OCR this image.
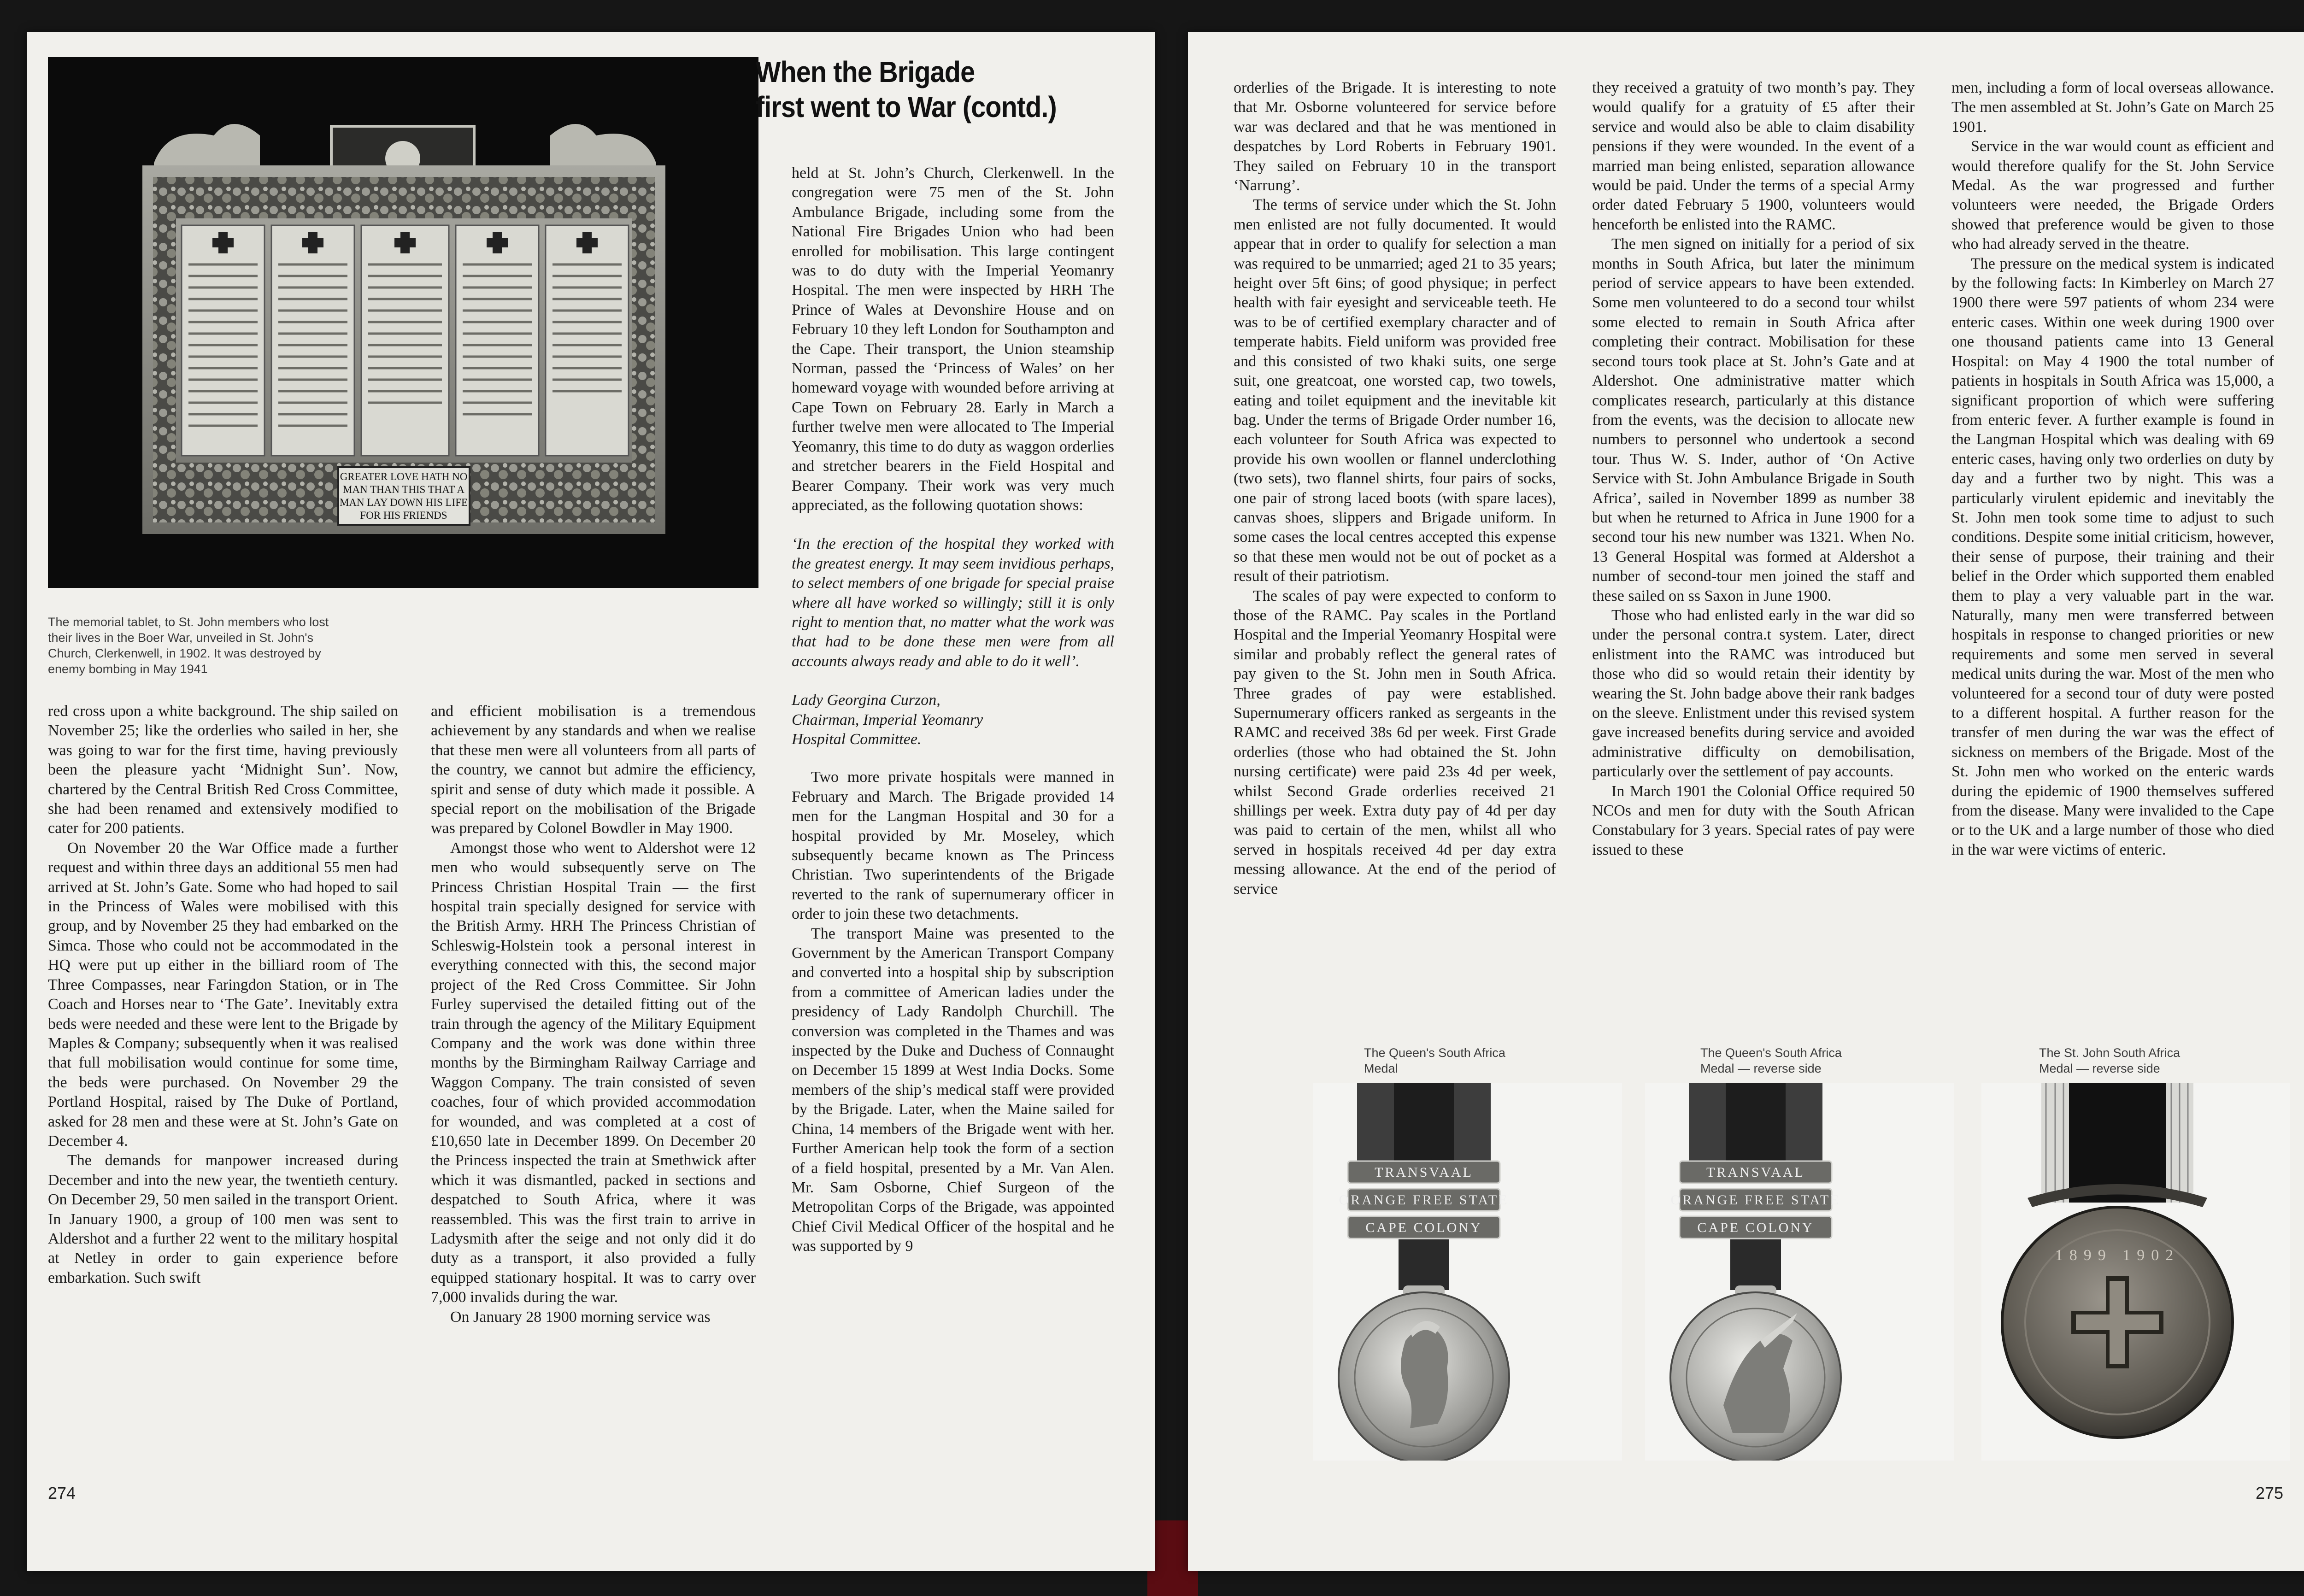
GREATER LOVE HATH NO
MAN THAN THIS THAT A
MAN LAY DOWN HIS LIFE
FOR HIS FRIENDS
The memorial tablet, to St. John members who lost
their lives in the Boer War, unveiled in St. John's
Church, Clerkenwell, in 1902. It was destroyed by
enemy bombing in May 1941
When the Brigade
first went to War (contd.)

red cross upon a white background. The ship sailed on November 25; like the orderlies who sailed in her, she was going to war for the first time, having previously been the pleasure yacht ‘Midnight Sun’. Now, chartered by the Central British Red Cross Committee, she had been renamed and extensively modified to cater for 200 patients.

On November 20 the War Office made a further request and within three days an additional 55 men had arrived at St. John’s Gate. Some who had hoped to sail in the Princess of Wales were mobilised with this group, and by November 25 they had embarked on the Simca. Those who could not be accommodated in the HQ were put up either in the billiard room of The Three Compasses, near Faringdon Station, or in The Coach and Horses near to ‘The Gate’. Inevitably extra beds were needed and these were lent to the Brigade by Maples & Company; subsequently when it was realised that full mobilisation would continue for some time, the beds were purchased. On November 29 the Portland Hospital, raised by The Duke of Portland, asked for 28 men and these were at St. John’s Gate on December 4.

The demands for manpower increased during December and into the new year, the twentieth century. On December 29, 50 men sailed in the transport Orient. In January 1900, a group of 100 men was sent to Aldershot and a further 22 went to the military hospital at Netley in order to gain experience before embarkation. Such swift

and efficient mobilisation is a tremendous achievement by any standards and when we realise that these men were all volunteers from all parts of the country, we cannot but admire the efficiency, spirit and sense of duty which made it possible. A special report on the mobilisation of the Brigade was prepared by Colonel Bowdler in May 1900.

Amongst those who went to Aldershot were 12 men who would subsequently serve on The Princess Christian Hospital Train — the first hospital train specially designed for service with the British Army. HRH The Princess Christian of Schleswig-Holstein took a personal interest in everything connected with this, the second major project of the Red Cross Committee. Sir John Furley supervised the detailed fitting out of the train through the agency of the Military Equipment Company and the work was done within three months by the Birmingham Railway Carriage and Waggon Company. The train consisted of seven coaches, four of which provided accommodation for wounded, and was completed at a cost of £10,650 late in December 1899. On December 20 the Princess inspected the train at Smethwick after which it was dismantled, packed in sections and despatched to South Africa, where it was reassembled. This was the first train to arrive in Ladysmith after the seige and not only did it do duty as a transport, it also provided a fully equipped stationary hospital. It was to carry over 7,000 invalids during the war.

On January 28 1900 morning service was

held at St. John’s Church, Clerkenwell. In the congregation were 75 men of the St. John Ambulance Brigade, including some from the National Fire Brigades Union who had been enrolled for mobilisation. This large contingent was to do duty with the Imperial Yeomanry Hospital. The men were inspected by HRH The Prince of Wales at Devonshire House and on February 10 they left London for Southampton and the Cape. Their transport, the Union steamship Norman, passed the ‘Princess of Wales’ on her homeward voyage with wounded before arriving at Cape Town on February 28. Early in March a further twelve men were allocated to The Imperial Yeomanry, this time to do duty as waggon orderlies and stretcher bearers in the Field Hospital and Bearer Company. Their work was very much appreciated, as the following quotation shows:

‘In the erection of the hospital they worked with the greatest energy. It may seem invidious perhaps, to select members of one brigade for special praise where all have worked so willingly; still it is only right to mention that, no matter what the work was that had to be done these men were from all accounts always ready and able to do it well’.

Lady Georgina Curzon,
Chairman, Imperial Yeomanry
Hospital Committee.

Two more private hospitals were manned in February and March. The Brigade provided 14 men for the Langman Hospital and 30 for a hospital provided by Mr. Moseley, which subsequently became known as The Princess Christian. Two superintendents of the Brigade reverted to the rank of supernumerary officer in order to join these two detachments.

The transport Maine was presented to the Government by the American Transport Company and converted into a hospital ship by subscription from a committee of American ladies under the presidency of Lady Randolph Churchill. The conversion was completed in the Thames and was inspected by the Duke and Duchess of Connaught on December 15 1899 at West India Docks. Some members of the ship’s medical staff were provided by the Brigade. Later, when the Maine sailed for China, 14 members of the Brigade went with her. Further American help took the form of a section of a field hospital, presented by a Mr. Van Alen. Mr. Sam Osborne, Chief Surgeon of the Metropolitan Corps of the Brigade, was appointed Chief Civil Medical Officer of the hospital and he was supported by 9

274

orderlies of the Brigade. It is interesting to note that Mr. Osborne volunteered for service before war was declared and that he was mentioned in despatches by Lord Roberts in February 1901. They sailed on February 10 in the transport ‘Narrung’.

The terms of service under which the St. John men enlisted are not fully documented. It would appear that in order to qualify for selection a man was required to be unmarried; aged 21 to 35 years; height over 5ft 6ins; of good physique; in perfect health with fair eyesight and serviceable teeth. He was to be of certified exemplary character and of temperate habits. Field uniform was provided free and this consisted of two khaki suits, one serge suit, one greatcoat, one worsted cap, two towels, eating and toilet equipment and the inevitable kit bag. Under the terms of Brigade Order number 16, each volunteer for South Africa was expected to provide his own woollen or flannel underclothing (two sets), two flannel shirts, four pairs of socks, one pair of strong laced boots (with spare laces), canvas shoes, slippers and Brigade uniform. In some cases the local centres accepted this expense so that these men would not be out of pocket as a result of their patriotism.

The scales of pay were expected to conform to those of the RAMC. Pay scales in the Portland Hospital and the Imperial Yeomanry Hospital were similar and probably reflect the general rates of pay given to the St. John men in South Africa. Three grades of pay were established. Supernumerary officers ranked as sergeants in the RAMC and received 38s 6d per week. First Grade orderlies (those who had obtained the St. John nursing certificate) were paid 23s 4d per week, whilst Second Grade orderlies received 21 shillings per week. Extra duty pay of 4d per day was paid to certain of the men, whilst all who served in hospitals received 4d per day extra messing allowance. At the end of the period of service

they received a gratuity of two month’s pay. They would qualify for a gratuity of £5 after their service and would also be able to claim disability pensions if they were wounded. In the event of a married man being enlisted, separation allowance would be paid. Under the terms of a special Army order dated February 5 1900, volunteers would henceforth be enlisted into the RAMC.

The men signed on initially for a period of six months in South Africa, but later the minimum period of service appears to have been extended. Some men volunteered to do a second tour whilst some elected to remain in South Africa after completing their contract. Mobilisation for these second tours took place at St. John’s Gate and at Aldershot. One administrative matter which complicates research, particularly at this distance from the events, was the decision to allocate new numbers to personnel who undertook a second tour. Thus W. S. Inder, author of ‘On Active Service with St. John Ambulance Brigade in South Africa’, sailed in November 1899 as number 38 but when he returned to Africa in June 1900 for a second tour his new number was 1321. When No. 13 General Hospital was formed at Aldershot a number of second-tour men joined the staff and these sailed on ss Saxon in June 1900.

Those who had enlisted early in the war did so under the personal contra.t system. Later, direct enlistment into the RAMC was introduced but those who did so would retain their identity by wearing the St. John badge above their rank badges on the sleeve. Enlistment under this revised system gave increased benefits during service and avoided administrative difficulty on demobilisation, particularly over the settlement of pay accounts.

In March 1901 the Colonial Office required 50 NCOs and men for duty with the South African Constabulary for 3 years. Special rates of pay were issued to these

men, including a form of local overseas allowance. The men assembled at St. John’s Gate on March 25 1901.

Service in the war would count as efficient and would therefore qualify for the St. John Service Medal. As the war progressed and further volunteers were needed, the Brigade Orders showed that preference would be given to those who had already served in the theatre.

The pressure on the medical system is indicated by the following facts: In Kimberley on March 27 1900 there were 597 patients of whom 234 were enteric cases. Within one week during 1900 over one thousand patients came into 13 General Hospital: on May 4 1900 the total number of patients in hospitals in South Africa was 15,000, a significant proportion of which were suffering from enteric fever. A further example is found in the Langman Hospital which was dealing with 69 enteric cases, having only two orderlies on duty by day and a further two by night. This was a particularly virulent epidemic and inevitably the St. John men took some time to adjust to such conditions. Despite some initial criticism, however, their sense of purpose, their training and their belief in the Order which supported them enabled them to play a very valuable part in the war. Naturally, many men were transferred between hospitals in response to changed priorities or new requirements and some men served in several medical units during the war. Most of the men who volunteered for a second tour of duty were posted to a different hospital. A further reason for the transfer of men during the war was the effect of sickness on members of the Brigade. Most of the St. John men who worked on the enteric wards during the epidemic of 1900 themselves suffered from the disease. Many were invalided to the Cape or to the UK and a large number of those who died in the war were victims of enteric.

The Queen's South Africa
Medal
The Queen's South Africa
Medal — reverse side
The St. John South Africa
Medal — reverse side
TRANSVAAL
ORANGE FREE STATE
CAPE COLONY
TRANSVAAL
ORANGE FREE STATE
CAPE COLONY
1899 1902
275
